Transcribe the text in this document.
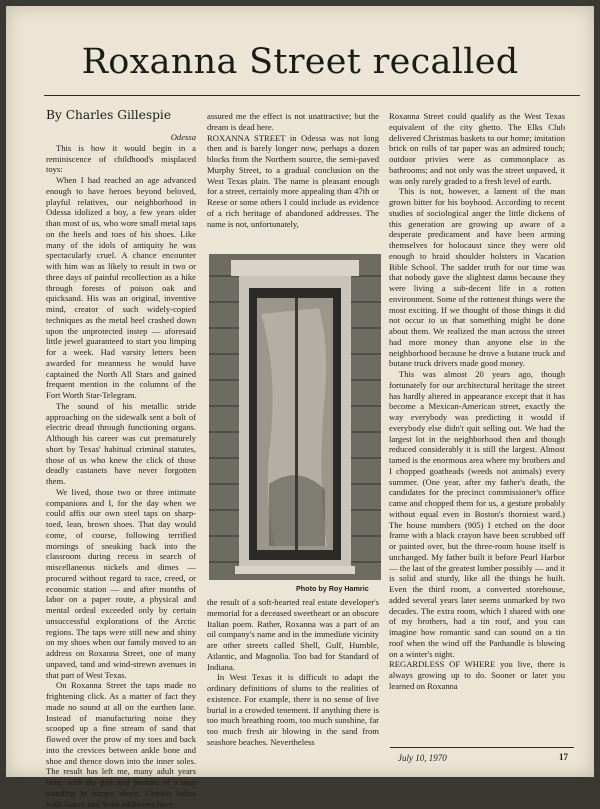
Roxanna Street recalled
By Charles Gillespie

Odessa

This is how it would begin in a reminiscence of childhood's misplaced toys:

When I had reached an age advanced enough to have heroes beyond beloved, playful relatives, our neighborhood in Odessa idolized a boy, a few years older than most of us, who wore small metal taps on the heels and toes of his shoes. Like many of the idols of antiquity he was spectacularly cruel. A chance encounter with him was as likely to result in two or three days of painful recollection as a hike through forests of poison oak and quicksand. His was an original, inventive mind, creator of such widely-copied techniques as the metal heel crashed down upon the unprotected instep — aforesaid little jewel guaranteed to start you limping for a week. Had varsity letters been awarded for meanness he would have captained the North All Stars and gained frequent mention in the columns of the Fort Worth Star-Telegram.

The sound of his metallic stride approaching on the sidewalk sent a bolt of electric dread through functioning organs. Although his career was cut prematurely short by Texas' habitual criminal statutes, those of us who knew the click of those deadly castanets have never forgotten them.

We lived, those two or three intimate companions and I, for the day when we could affix our own steel taps on sharp-toed, lean, brown shoes. That day would come, of course, following terrified mornings of sneaking back into the classroom during recess in search of miscellaneous nickels and dimes — procured without regard to race, creed, or economic station — and after months of labor on a paper route, a physical and mental ordeal exceeded only by certain unsuccessful explorations of the Arctic regions. The taps were still new and shiny on my shoes when our family moved to an address on Roxanna Street, one of many unpaved, tand and wind-strewn avenues in that part of West Texas.

On Roxanna Street the taps made no frightening click. As a matter of fact they made no sound at all on the earthen lane. Instead of manufacturing noise they scooped up a fine stream of sand that flowed over the prow of my toes and back into the crevices between ankle bone and shoe and thence down into the inner soles. The result has left me, many adult years later, with the gait and posture of a man standing in lumpy shoes. Certain ladies with Juarez and Soho addresses have

assured me the effect is not unattractive; but the dream is dead here.

ROXANNA STREET in Odessa was not long then and is barely longer now, perhaps a dozen blocks from the Northern source, the semi-paved Murphy Street, to a gradual conclusion on the West Texas plain. The name is pleasant enough for a street, certainly more appealing than 47th or Reese or some others I could include as evidence of a rich heritage of abandoned addresses. The name is not, unfortunately,

Photo by Roy Hamric

the result of a soft-hearted real estate developer's memorial for a deceased sweetheart or an obscure Italian poem. Rather, Roxanna was a part of an oil company's name and in the immediate vicinity are other streets called Shell, Gulf, Humble, Atlantic, and Magnolia. Too bad for Standard of Indiana.

In West Texas it is difficult to adapt the ordinary definitions of slums to the realities of existence. For example, there is no sense of live burial in a crowded tenement. If anything there is too much breathing room, too much sunshine, far too much fresh air blowing in the sand from seashore beaches. Nevertheless

Roxanna Street could qualify as the West Texas equivalent of the city ghetto. The Elks Club delivered Christmas baskets to our home; imitation brick on rolls of tar paper was an admired touch; outdoor privies were as commonplace as bathrooms; and not only was the street unpaved, it was only rarely graded to a fresh level of earth.

This is not, however, a lament of the man grown bitter for his boyhood. According to recent studies of sociological anger the little dickens of this generation are growing up aware of a desperate predicament and have been arming themselves for holocaust since they were old enough to braid shoulder holsters in Vacation Bible School. The sadder truth for our time was that nobody gave the slightest damn because they were living a sub-decent life in a rotten environment. Some of the rottenest things were the most exciting. If we thought of those things it did not occur to us that something might be done about them. We realized the man across the street had more money than anyone else in the neighborhood because he drove a butane truck and butane truck drivers made good money.

This was almost 20 years ago, though fortunately for our architectural heritage the street has hardly altered in appearance except that it has become a Mexican-American street, exactly the way everybody was predicting it would if everybody else didn't quit selling out. We had the largest lot in the neighborhood then and though reduced considerably it is still the largest. Almost tamed is the enormous area where my brothers and I chopped goatheads (weeds not animals) every summer. (One year, after my father's death, the candidates for the precinct commissioner's office came and chopped them for us, a gesture probably without equal even in Boston's thorniest ward.) The house numbers (905) I etched on the door frame with a black crayon have been scrubbed off or painted over, but the three-room house itself is unchanged. My father built it before Pearl Harbor — the last of the greatest lumber possibly — and it is solid and sturdy, like all the things he built. Even the third room, a converted storehouse, added several years later seems unmarked by two decades. The extra room, which I shared with one of my brothers, had a tin roof, and you can imagine how romantic sand can sound on a tin roof when the wind off the Panhandle is blowing on a winter's night.

REGARDLESS OF WHERE you live, there is always growing up to do. Sooner or later you learned on Roxanna

July 10, 1970	17
